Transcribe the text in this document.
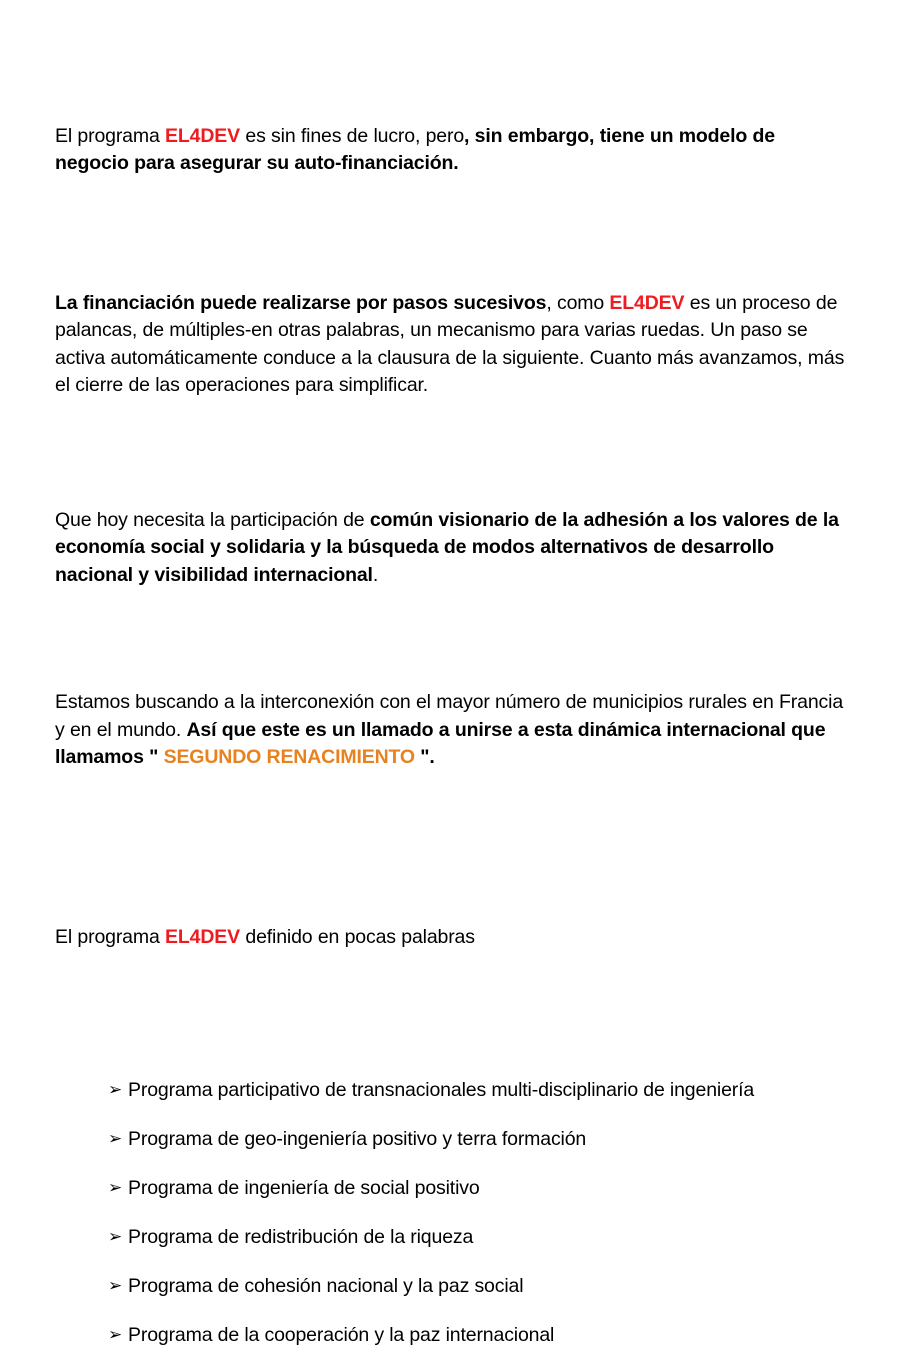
El programa EL4DEV es sin fines de lucro, pero, sin embargo, tiene un modelo de negocio para asegurar su auto-financiación.

La financiación puede realizarse por pasos sucesivos, como EL4DEV es un proceso de palancas, de múltiples-en otras palabras, un mecanismo para varias ruedas. Un paso se activa automáticamente conduce a la clausura de la siguiente. Cuanto más avanzamos, más el cierre de las operaciones para simplificar.

Que hoy necesita la participación de común visionario de la adhesión a los valores de la economía social y solidaria y la búsqueda de modos alternativos de desarrollo nacional y visibilidad internacional.

Estamos buscando a la interconexión con el mayor número de municipios rurales en Francia y en el mundo. Así que este es un llamado a unirse a esta dinámica internacional que llamamos " SEGUNDO RENACIMIENTO ".

El programa EL4DEV definido en pocas palabras

➢ Programa participativo de transnacionales multi-disciplinario de ingeniería
➢ Programa de geo-ingeniería positivo y terra formación
➢ Programa de ingeniería de social positivo
➢ Programa de redistribución de la riqueza
➢ Programa de cohesión nacional y la paz social
➢ Programa de la cooperación y la paz internacional
